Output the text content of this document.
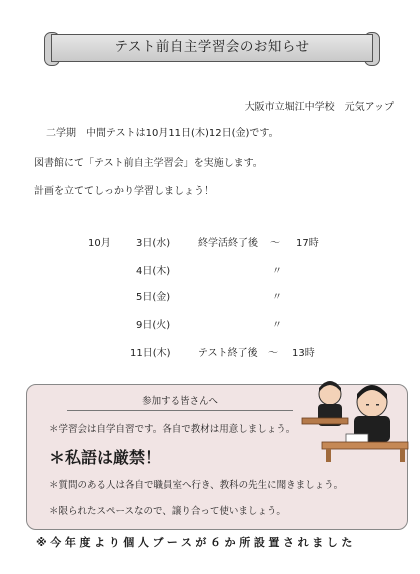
テスト前自主学習会のお知らせ
大阪市立堀江中学校　元気アップ
二学期　中間テストは10月11日(木)12日(金)です。
図書館にて「テスト前自主学習会」を実施します。
計画を立ててしっかり学習しましょう！
10月	3日(水)	終学活終了後 ～ 17時
4日(木)	〃
5日(金)	〃
9日(火)	〃
11日(木)	テスト終了後 ～ 13時
参加する皆さんへ
＊学習会は自学自習です。各自で教材は用意しましょう。
＊私語は厳禁！
＊質問のある人は各自で職員室へ行き、教科の先生に聞きましょう。
＊限られたスペースなので、譲り合って使いましょう。
※今年度より個人ブースが６か所設置されました
